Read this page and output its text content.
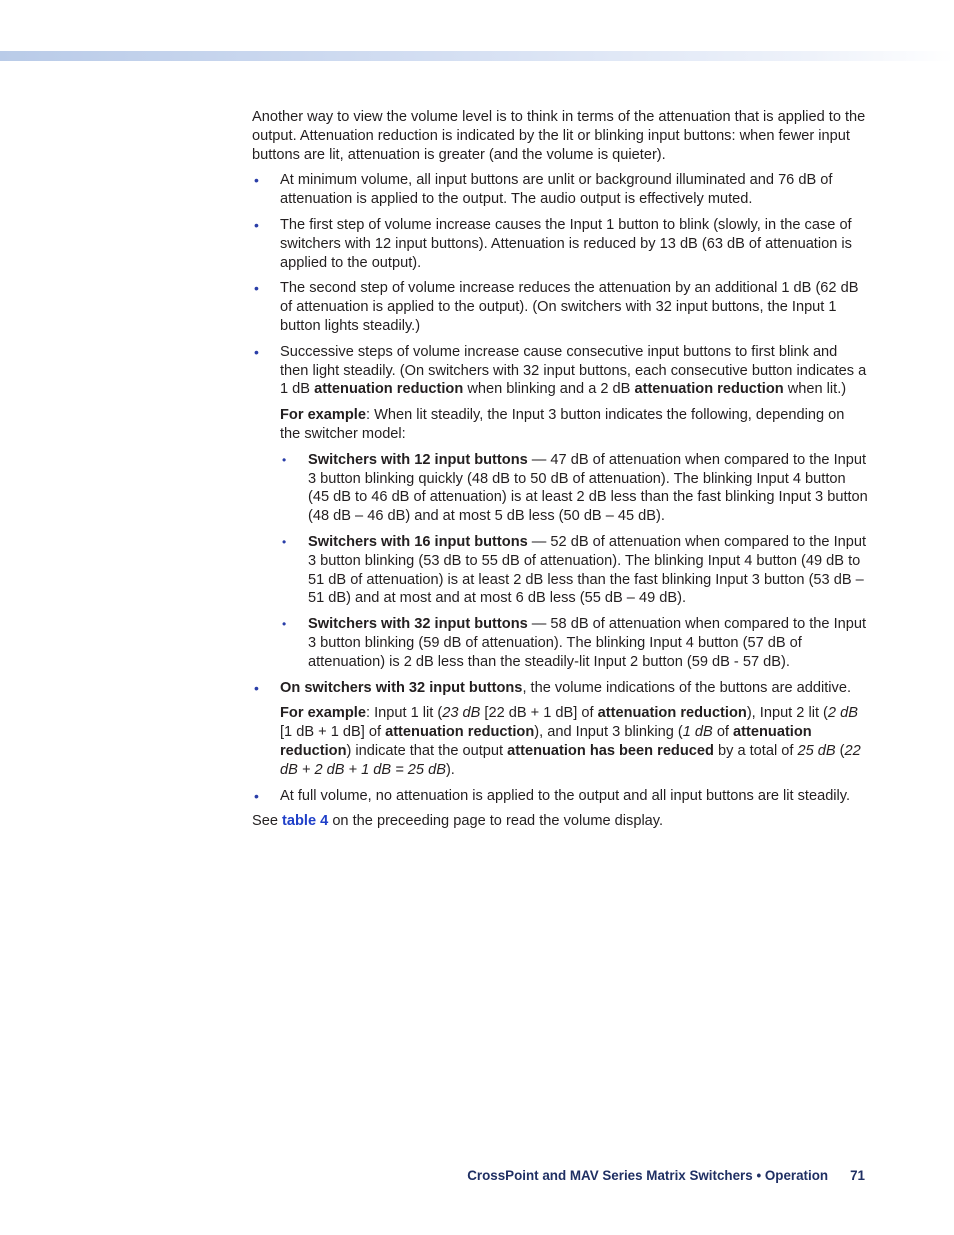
Another way to view the volume level is to think in terms of the attenuation that is applied to the output. Attenuation reduction is indicated by the lit or blinking input buttons: when fewer input buttons are lit, attenuation is greater (and the volume is quieter).

• At minimum volume, all input buttons are unlit or background illuminated and 76 dB of attenuation is applied to the output. The audio output is effectively muted.
• The first step of volume increase causes the Input 1 button to blink (slowly, in the case of switchers with 12 input buttons). Attenuation is reduced by 13 dB (63 dB of attenuation is applied to the output).
• The second step of volume increase reduces the attenuation by an additional 1 dB (62 dB of attenuation is applied to the output). (On switchers with 32 input buttons, the Input 1 button lights steadily.)
• Successive steps of volume increase cause consecutive input buttons to first blink and then light steadily. (On switchers with 32 input buttons, each consecutive button indicates a 1 dB attenuation reduction when blinking and a 2 dB attenuation reduction when lit.)

For example: When lit steadily, the Input 3 button indicates the following, depending on the switcher model:

• Switchers with 12 input buttons — 47 dB of attenuation when compared to the Input 3 button blinking quickly (48 dB to 50 dB of attenuation). The blinking Input 4 button (45 dB to 46 dB of attenuation) is at least 2 dB less than the fast blinking Input 3 button (48 dB – 46 dB) and at most 5 dB less (50 dB – 45 dB).
• Switchers with 16 input buttons — 52 dB of attenuation when compared to the Input 3 button blinking (53 dB to 55 dB of attenuation). The blinking Input 4 button (49 dB to 51 dB of attenuation) is at least 2 dB less than the fast blinking Input 3 button (53 dB – 51 dB) and at most and at most 6 dB less (55 dB – 49 dB).
• Switchers with 32 input buttons — 58 dB of attenuation when compared to the Input 3 button blinking (59 dB of attenuation). The blinking Input 4 button (57 dB of attenuation) is 2 dB less than the steadily-lit Input 2 button (59 dB - 57 dB).
• On switchers with 32 input buttons, the volume indications of the buttons are additive.

For example: Input 1 lit (23 dB [22 dB + 1 dB] of attenuation reduction), Input 2 lit (2 dB [1 dB + 1 dB] of attenuation reduction), and Input 3 blinking (1 dB of attenuation reduction) indicate that the output attenuation has been reduced by a total of 25 dB (22 dB + 2 dB + 1 dB = 25 dB).

• At full volume, no attenuation is applied to the output and all input buttons are lit steadily.

See table 4 on the preceeding page to read the volume display.

CrossPoint and MAV Series Matrix Switchers • Operation 71
